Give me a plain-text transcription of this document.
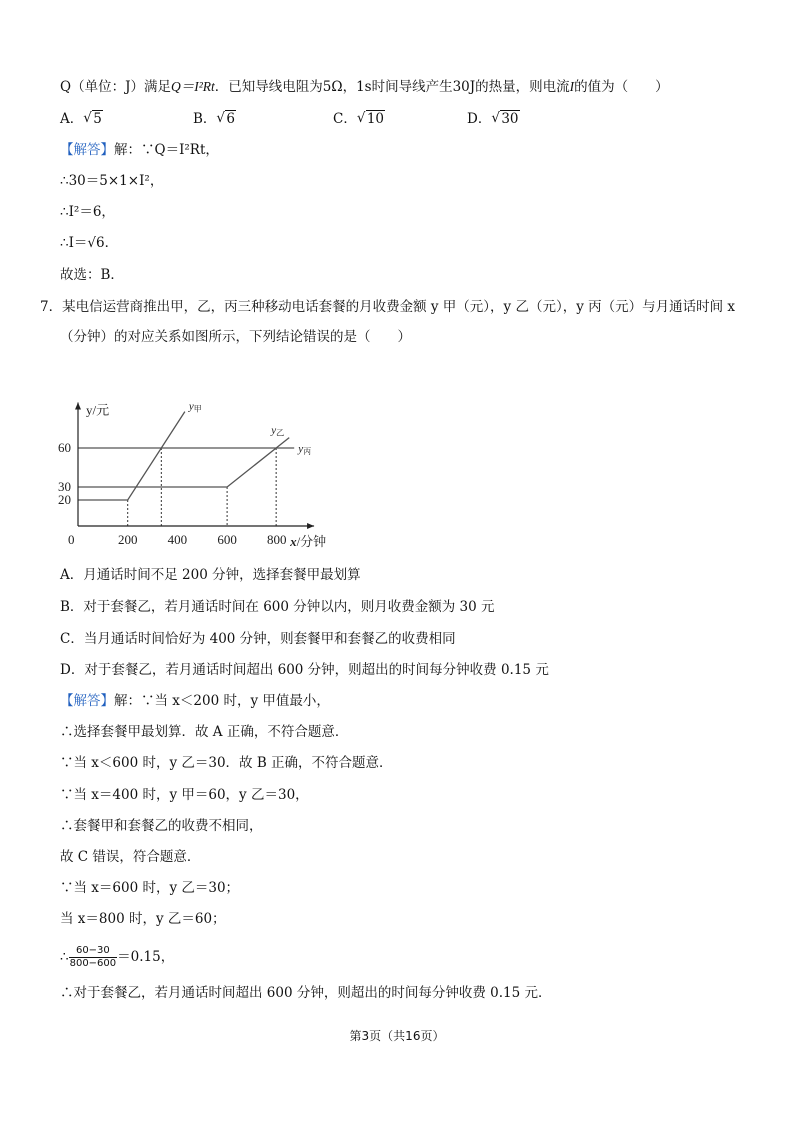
Q（单位：J）满足Q＝I²Rt．已知导线电阻为5Ω，1s时间导线产生30J的热量，则电流I的值为（　　）
A． √ 5	B． √ 6	C． √ 10	D． √ 30
【解答】解：∵Q＝I²Rt，
∴30＝5×1×I²，
∴I²＝6，
∴I＝√6．
故选：B．
7．某电信运营商推出甲，乙，丙三种移动电话套餐的月收费金额 y 甲（元），y 乙（元），y 丙（元）与月通话时间 x
（分钟）的对应关系如图所示，下列结论错误的是（　　）
y甲
y乙
y丙
200 400 600 800
20
30
60
0	x/分钟
y/元
A．月通话时间不足 200 分钟，选择套餐甲最划算
B．对于套餐乙，若月通话时间在 600 分钟以内，则月收费金额为 30 元
C．当月通话时间恰好为 400 分钟，则套餐甲和套餐乙的收费相同
D．对于套餐乙，若月通话时间超出 600 分钟，则超出的时间每分钟收费 0.15 元
【解答】解：∵当 x＜200 时，y 甲值最小，
∴选择套餐甲最划算．故 A 正确，不符合题意．
∵当 x＜600 时，y 乙＝30．故 B 正确，不符合题意．
∵当 x＝400 时，y 甲＝60，y 乙＝30，
∴套餐甲和套餐乙的收费不相同，
故 C 错误，符合题意．
∵当 x＝600 时，y 乙＝30；
当 x＝800 时，y 乙＝60；
∴ $\frac{60-30}{800-600} =0.15$，
∴对于套餐乙，若月通话时间超出 600 分钟，则超出的时间每分钟收费 0.15 元．
第3页（共16页）
